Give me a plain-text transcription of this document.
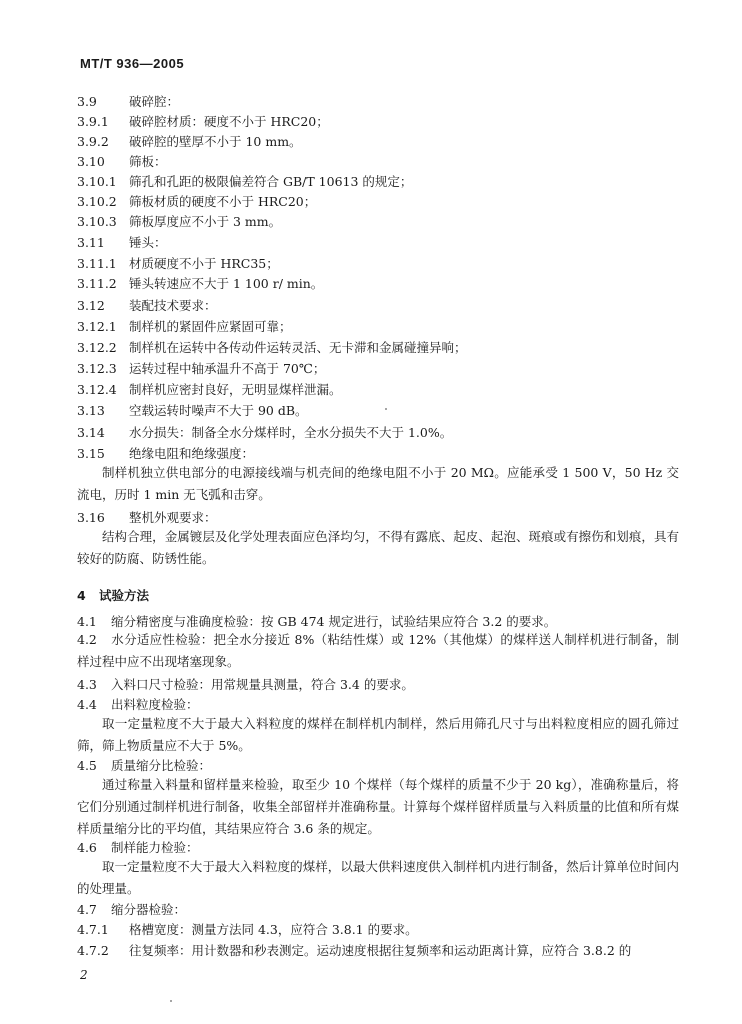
MT/T 936—2005
3.9	破碎腔：
3.9.1 破碎腔材质：硬度不小于 HRC20；
3.9.2 破碎腔的壁厚不小于 10 mm。
3.10 筛板：
3.10.1 筛孔和孔距的极限偏差符合 GB/T 10613 的规定；
3.10.2 筛板材质的硬度不小于 HRC20；
3.10.3 筛板厚度应不小于 3 mm。
3.11 锤头：
3.11.1 材质硬度不小于 HRC35；
3.11.2 锤头转速应不大于 1 100 r/ min。
3.12 装配技术要求：
3.12.1 制样机的紧固件应紧固可靠；
3.12.2 制样机在运转中各传动件运转灵活、无卡滞和金属碰撞异响；
3.12.3 运转过程中轴承温升不高于 70℃；
3.12.4 制样机应密封良好，无明显煤样泄漏。
3.13 空载运转时噪声不大于 90 dB。
3.14 水分损失：制备全水分煤样时，全水分损失不大于 1.0%。
3.15 绝缘电阻和绝缘强度：
制样机独立供电部分的电源接线端与机壳间的绝缘电阻不小于 20 MΩ。应能承受 1 500 V，50 Hz 交流电，历时 1 min 无飞弧和击穿。
3.16 整机外观要求：
结构合理，金属镀层及化学处理表面应色泽均匀，不得有露底、起皮、起泡、斑痕或有擦伤和划痕，具有较好的防腐、防锈性能。
4 试验方法
4.1 缩分精密度与准确度检验：按 GB 474 规定进行，试验结果应符合 3.2 的要求。
4.2 水分适应性检验：把全水分接近 8%（粘结性煤）或 12%（其他煤）的煤样送人制样机进行制备，制样过程中应不出现堵塞现象。
4.3 入料口尺寸检验：用常规量具测量，符合 3.4 的要求。
4.4 出料粒度检验：
取一定量粒度不大于最大入料粒度的煤样在制样机内制样，然后用筛孔尺寸与出料粒度相应的圆孔筛过筛，筛上物质量应不大于 5%。
4.5 质量缩分比检验：
通过称量入料量和留样量来检验，取至少 10 个煤样（每个煤样的质量不少于 20 kg），准确称量后，将它们分别通过制样机进行制备，收集全部留样并准确称量。计算每个煤样留样质量与入料质量的比值和所有煤样质量缩分比的平均值，其结果应符合 3.6 条的规定。
4.6 制样能力检验：
取一定量粒度不大于最大入料粒度的煤样，以最大供料速度供入制样机内进行制备，然后计算单位时间内的处理量。
4.7 缩分器检验：
4.7.1 格槽宽度：测量方法同 4.3，应符合 3.8.1 的要求。
4.7.2 往复频率：用计数器和秒表测定。运动速度根据往复频率和运动距离计算，应符合 3.8.2 的
2
